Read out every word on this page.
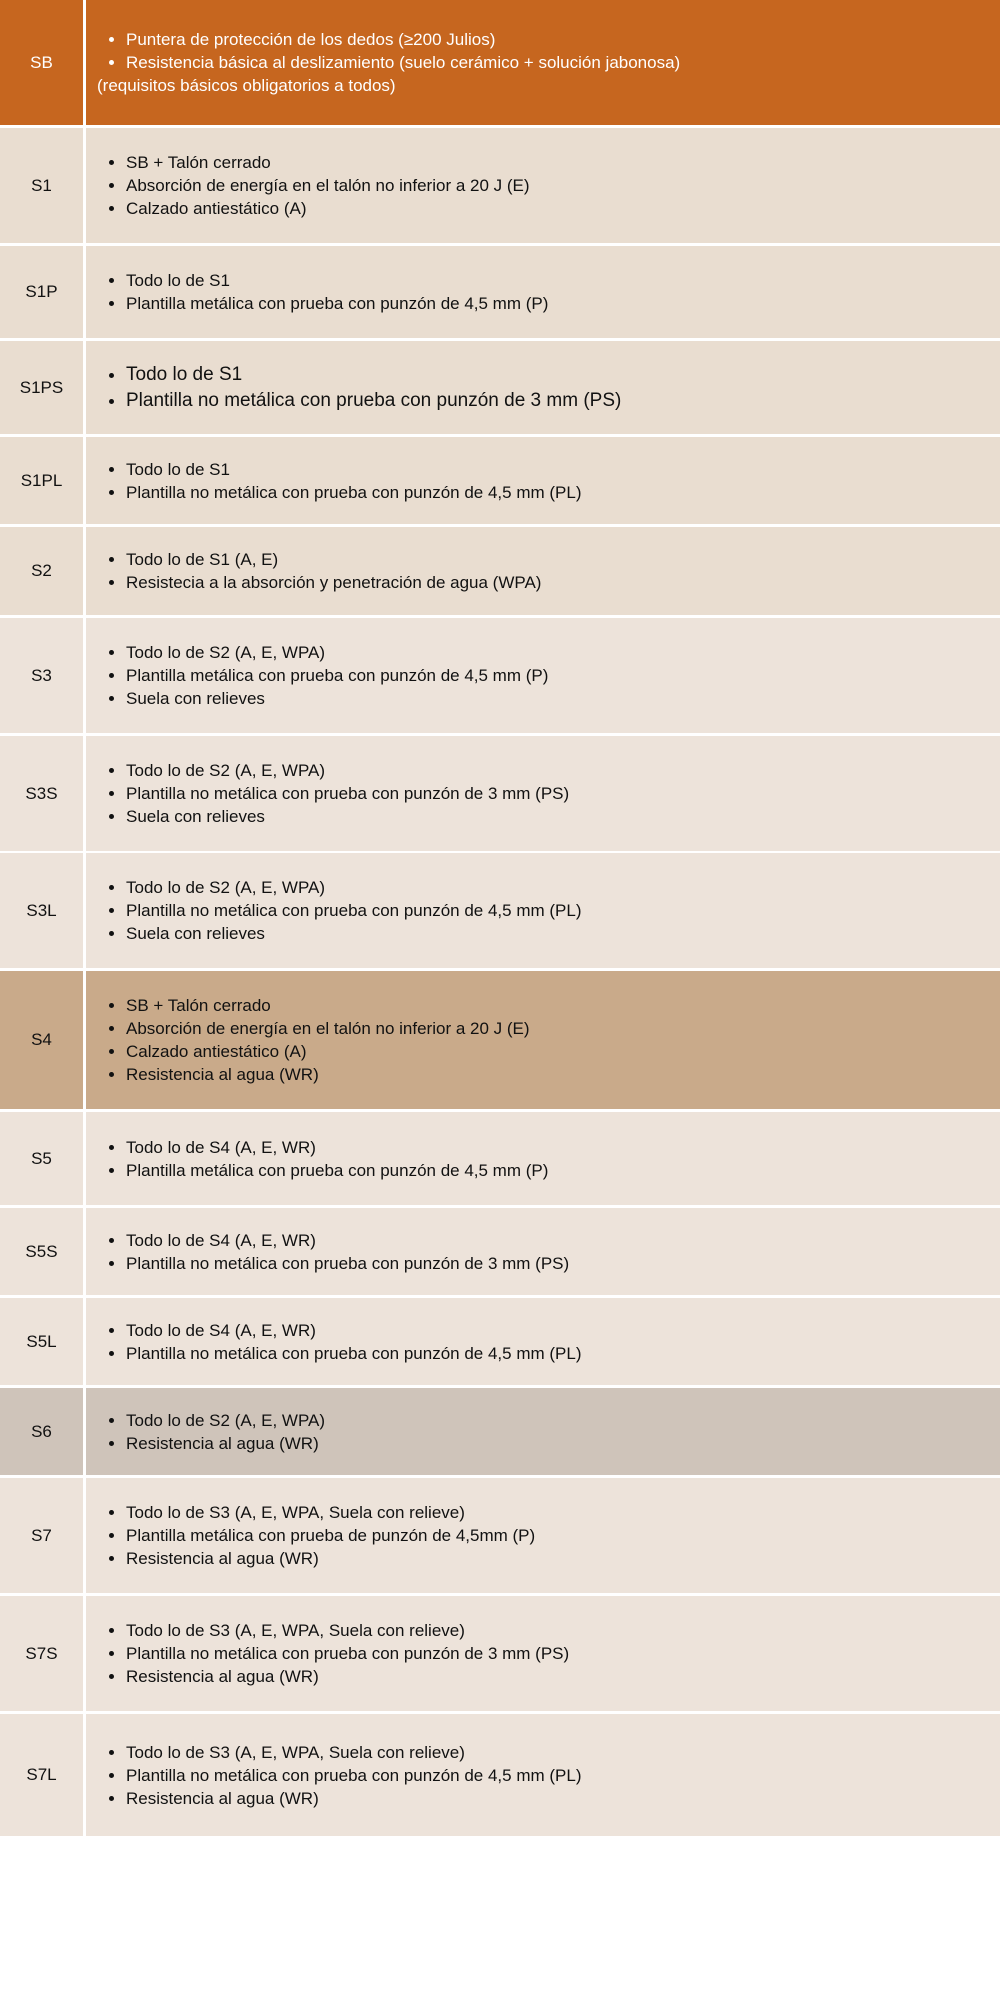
SB
• Puntera de protección de los dedos (≥200 Julios)
• Resistencia básica al deslizamiento (suelo cerámico + solución jabonosa)
(requisitos básicos obligatorios a todos)
S1
• SB + Talón cerrado
• Absorción de energía en el talón no inferior a 20 J (E)
• Calzado antiestático (A)
S1P
• Todo lo de S1
• Plantilla metálica con prueba con punzón de 4,5 mm (P)
S1PS
• Todo lo de S1
• Plantilla no metálica con prueba con punzón de 3 mm (PS)
S1PL
• Todo lo de S1
• Plantilla no metálica con prueba con punzón de 4,5 mm (PL)
S2
• Todo lo de S1 (A, E)
• Resistecia a la absorción y penetración de agua (WPA)
S3
• Todo lo de S2 (A, E, WPA)
• Plantilla metálica con prueba con punzón de 4,5 mm (P)
• Suela con relieves
S3S
• Todo lo de S2 (A, E, WPA)
• Plantilla no metálica con prueba con punzón de 3 mm (PS)
• Suela con relieves
S3L
• Todo lo de S2 (A, E, WPA)
• Plantilla no metálica con prueba con punzón de 4,5 mm (PL)
• Suela con relieves
S4
• SB + Talón cerrado
• Absorción de energía en el talón no inferior a 20 J (E)
• Calzado antiestático (A)
• Resistencia al agua (WR)
S5
• Todo lo de S4 (A, E, WR)
• Plantilla metálica con prueba con punzón de 4,5 mm (P)
S5S
• Todo lo de S4 (A, E, WR)
• Plantilla no metálica con prueba con punzón de 3 mm (PS)
S5L
• Todo lo de S4 (A, E, WR)
• Plantilla no metálica con prueba con punzón de 4,5 mm (PL)
S6
• Todo lo de S2 (A, E, WPA)
• Resistencia al agua (WR)
S7
• Todo lo de S3 (A, E, WPA, Suela con relieve)
• Plantilla metálica con prueba de punzón de 4,5mm (P)
• Resistencia al agua (WR)
S7S
• Todo lo de S3 (A, E, WPA, Suela con relieve)
• Plantilla no metálica con prueba con punzón de 3 mm (PS)
• Resistencia al agua (WR)
S7L
• Todo lo de S3 (A, E, WPA, Suela con relieve)
• Plantilla no metálica con prueba con punzón de 4,5 mm (PL)
• Resistencia al agua (WR)
